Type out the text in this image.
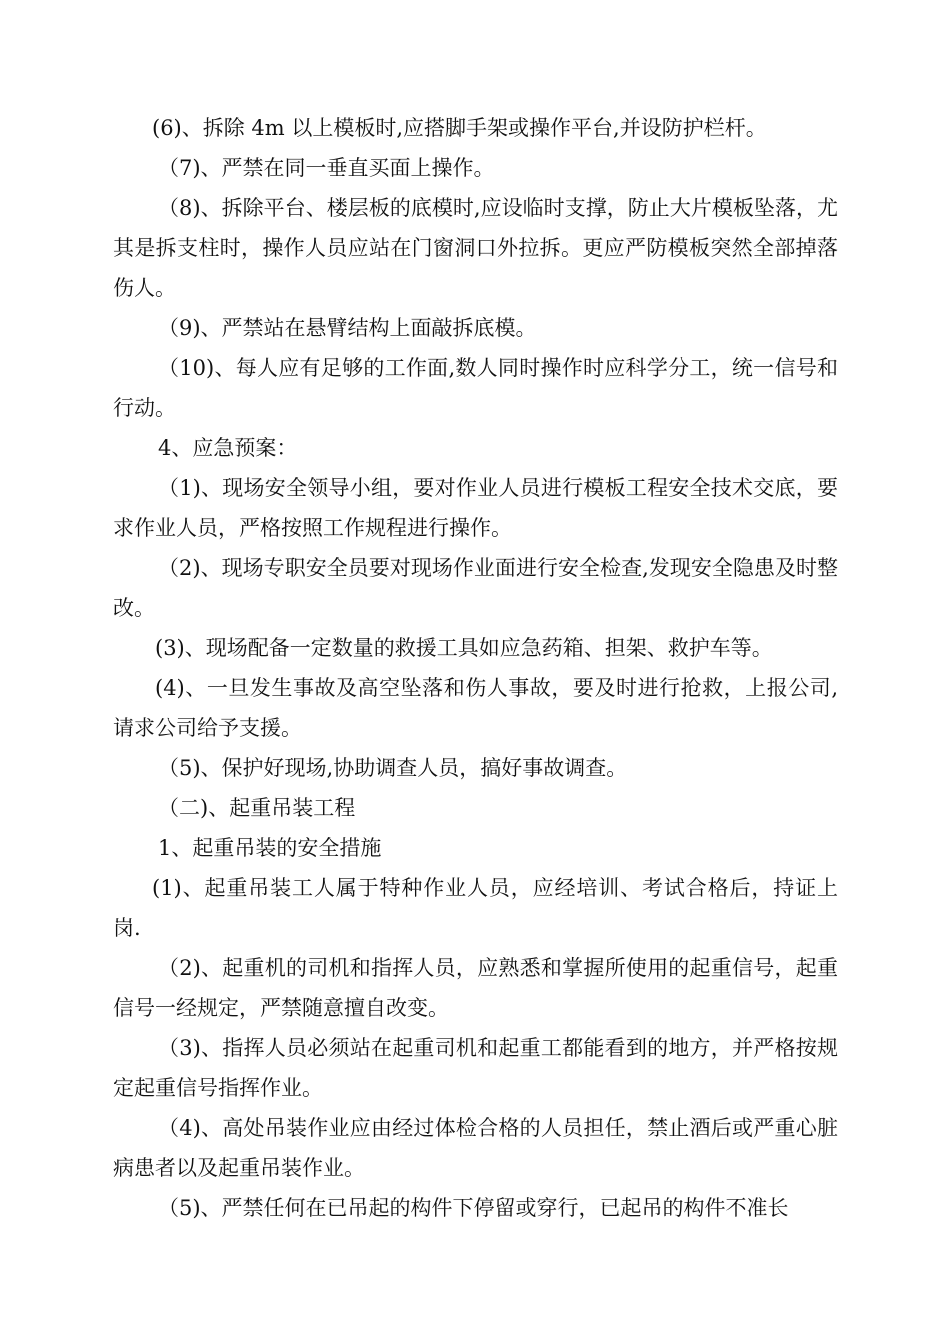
(6)、拆除 4m 以上模板时,应搭脚手架或操作平台,并设防护栏杆。

（7)、严禁在同一垂直买面上操作。

（8)、拆除平台、楼层板的底模时,应设临时支撑，防止大片模板坠落，尤其是拆支柱时，操作人员应站在门窗洞口外拉拆。更应严防模板突然全部掉落伤人。

（9)、严禁站在悬臂结构上面敲拆底模。

（10)、每人应有足够的工作面,数人同时操作时应科学分工，统一信号和行动。

4、应急预案：

（1)、现场安全领导小组，要对作业人员进行模板工程安全技术交底，要求作业人员，严格按照工作规程进行操作。

（2)、现场专职安全员要对现场作业面进行安全检查,发现安全隐患及时整改。

(3)、现场配备一定数量的救援工具如应急药箱、担架、救护车等。

(4)、一旦发生事故及高空坠落和伤人事故，要及时进行抢救，上报公司,请求公司给予支援。

（5)、保护好现场,协助调查人员，搞好事故调查。

（二)、起重吊装工程

1、起重吊装的安全措施

(1)、起重吊装工人属于特种作业人员，应经培训、考试合格后，持证上岗.

（2)、起重机的司机和指挥人员，应熟悉和掌握所使用的起重信号，起重信号一经规定，严禁随意擅自改变。

（3)、指挥人员必须站在起重司机和起重工都能看到的地方，并严格按规定起重信号指挥作业。

（4)、高处吊装作业应由经过体检合格的人员担任，禁止酒后或严重心脏病患者以及起重吊装作业。

（5)、严禁任何在已吊起的构件下停留或穿行，已起吊的构件不准长
